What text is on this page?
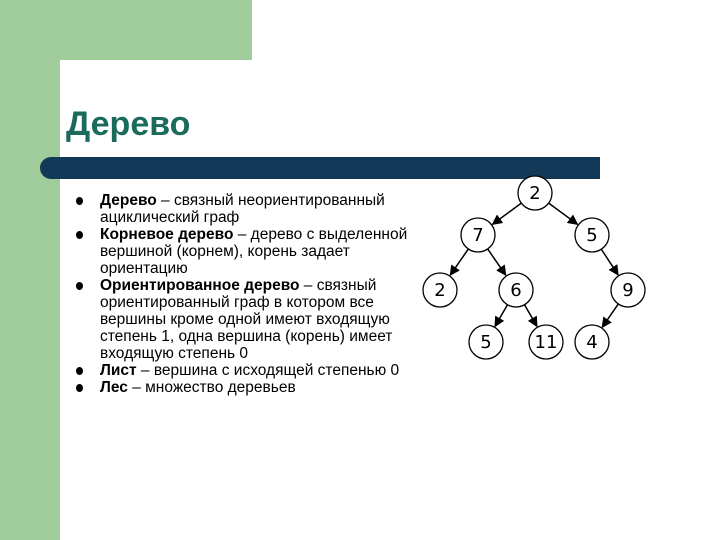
Дерево
Дерево – связный неориентированный ациклический граф
Корневое дерево – дерево с выделенной вершиной (корнем), корень задает ориентацию
Ориентированное дерево – связный ориентированный граф в котором все вершины кроме одной имеют входящую степень 1, одна вершина (корень) имеет входящую степень 0
Лист – вершина с исходящей степенью 0
Лес – множество деревьев
2
7	5
2	6	9
5 11 4
